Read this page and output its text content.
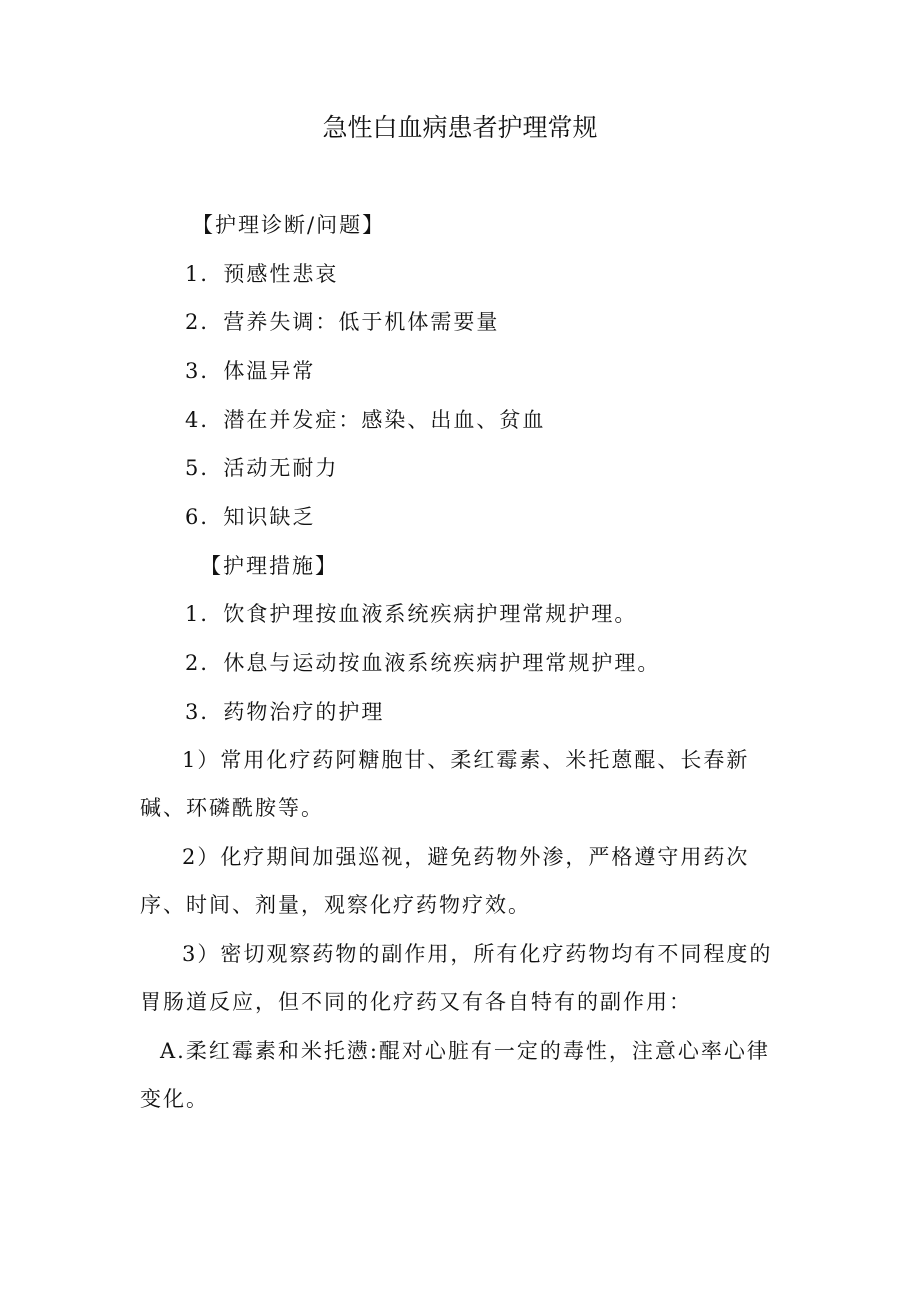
急性白血病患者护理常规
【护理诊断/问题】
1．预感性悲哀
2．营养失调：低于机体需要量
3．体温异常
4．潜在并发症：感染、出血、贫血
5．活动无耐力
6．知识缺乏
【护理措施】
1．饮食护理按血液系统疾病护理常规护理。
2．休息与运动按血液系统疾病护理常规护理。
3．药物治疗的护理

1）常用化疗药阿糖胞甘、柔红霉素、米托蒽醌、长春新碱、环磷酰胺等。

2）化疗期间加强巡视，避免药物外渗，严格遵守用药次序、时间、剂量，观察化疗药物疗效。

3）密切观察药物的副作用，所有化疗药物均有不同程度的胃肠道反应，但不同的化疗药又有各自特有的副作用：

A.柔红霉素和米托懑:醌对心脏有一定的毒性，注意心率心律变化。
